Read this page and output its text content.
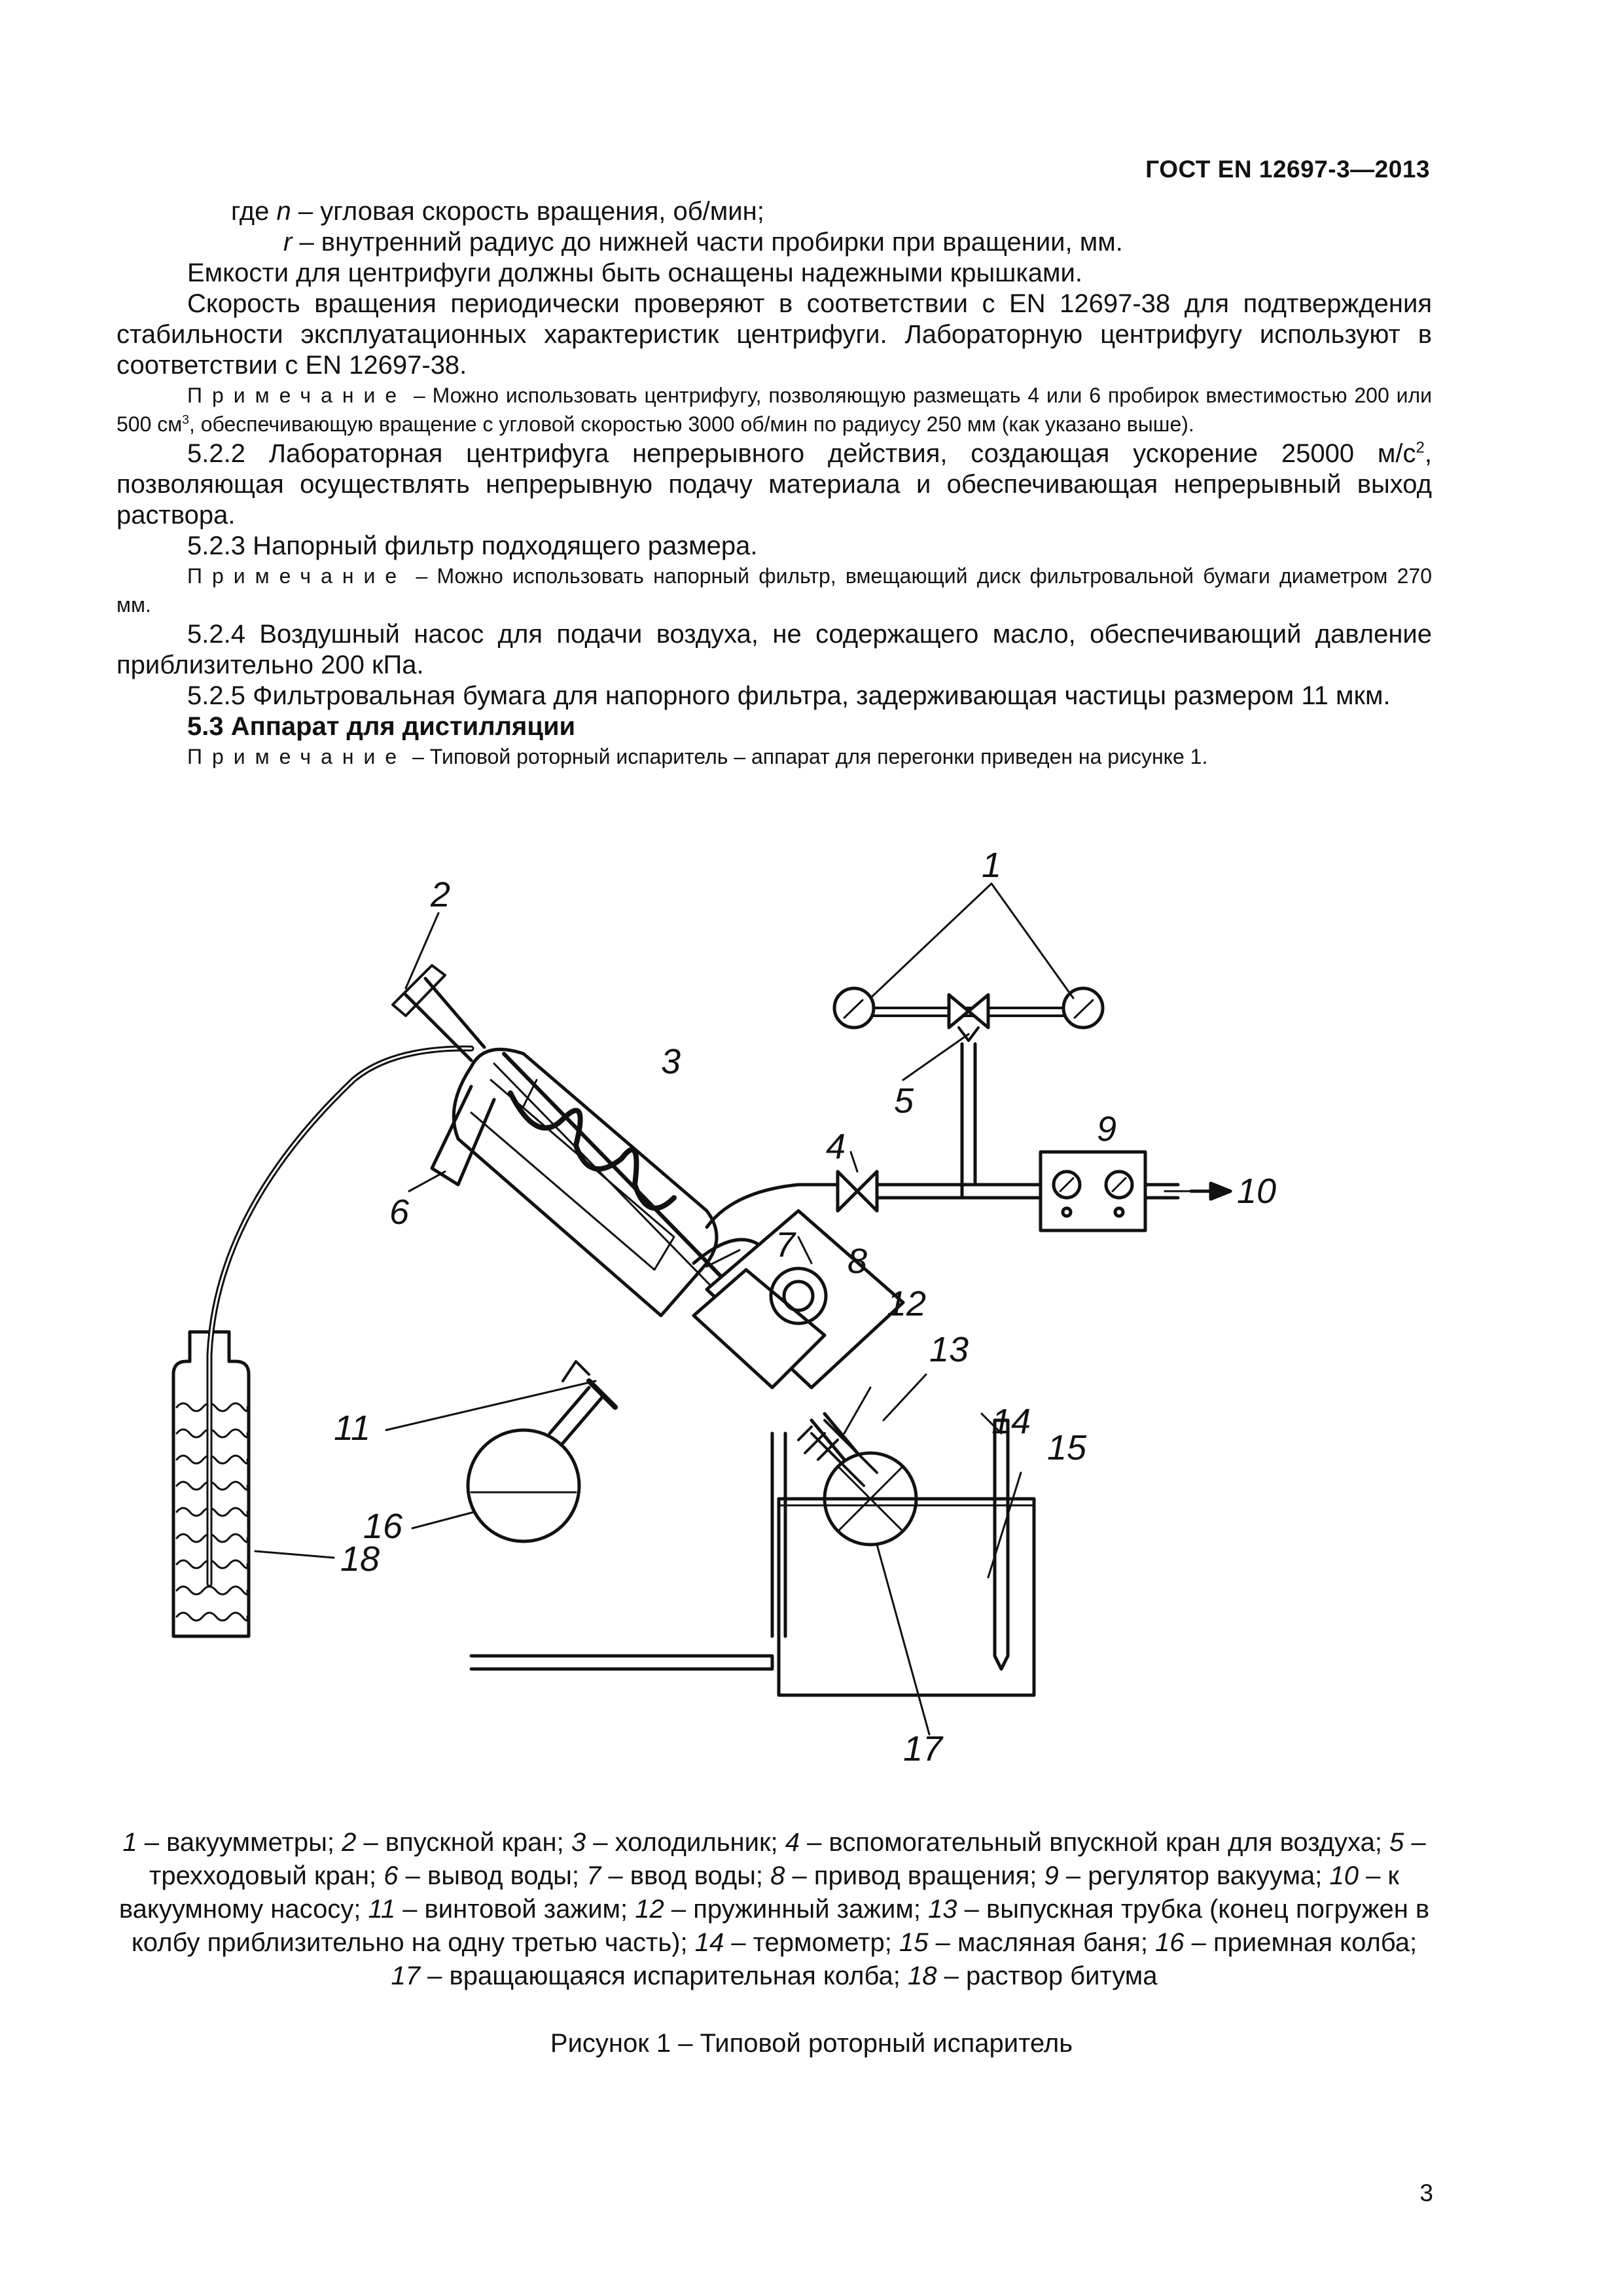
ГОСТ EN 12697-3—2013

где n – угловая скорость вращения, об/мин;

r – внутренний радиус до нижней части пробирки при вращении, мм.

Емкости для центрифуги должны быть оснащены надежными крышками.

Скорость вращения периодически проверяют в соответствии с EN 12697-38 для подтверждения стабильности эксплуатационных характеристик центрифуги. Лабораторную центрифугу используют в соответствии с EN 12697-38.

Примечание – Можно использовать центрифугу, позволяющую размещать 4 или 6 пробирок вместимостью 200 или 500 $см^3$, обеспечивающую вращение с угловой скоростью 3000 об/мин по радиусу 250 мм (как указано выше).

5.2.2 Лабораторная центрифуга непрерывного действия, создающая ускорение 25000 $м/с^2$, позволяющая осуществлять непрерывную подачу материала и обеспечивающая непрерывный выход раствора.

5.2.3 Напорный фильтр подходящего размера.

Примечание – Можно использовать напорный фильтр, вмещающий диск фильтровальной бумаги диаметром 270 мм.

5.2.4 Воздушный насос для подачи воздуха, не содержащего масло, обеспечивающий давление приблизительно 200 кПа.

5.2.5 Фильтровальная бумага для напорного фильтра, задерживающая частицы размером 11 мкм.

5.3 Аппарат для дистилляции

Примечание – Типовой роторный испаритель – аппарат для перегонки приведен на рисунке 1.

2
1
3
5
4	9
10
6
7 8
12
13
14
15
11
16
18
17
1 – вакуумметры; 2 – впускной кран; 3 – холодильник; 4 – вспомогательный впускной кран для воздуха; 5 – трехходовый кран; 6 – вывод воды; 7 – ввод воды; 8 – привод вращения; 9 – регулятор вакуума; 10 – к вакуумному насосу; 11 – винтовой зажим; 12 – пружинный зажим; 13 – выпускная трубка (конец погружен в колбу приблизительно на одну третью часть); 14 – термометр; 15 – масляная баня; 16 – приемная колба; 17 – вращающаяся испарительная колба; 18 – раствор битума
Рисунок 1 – Типовой роторный испаритель
3
